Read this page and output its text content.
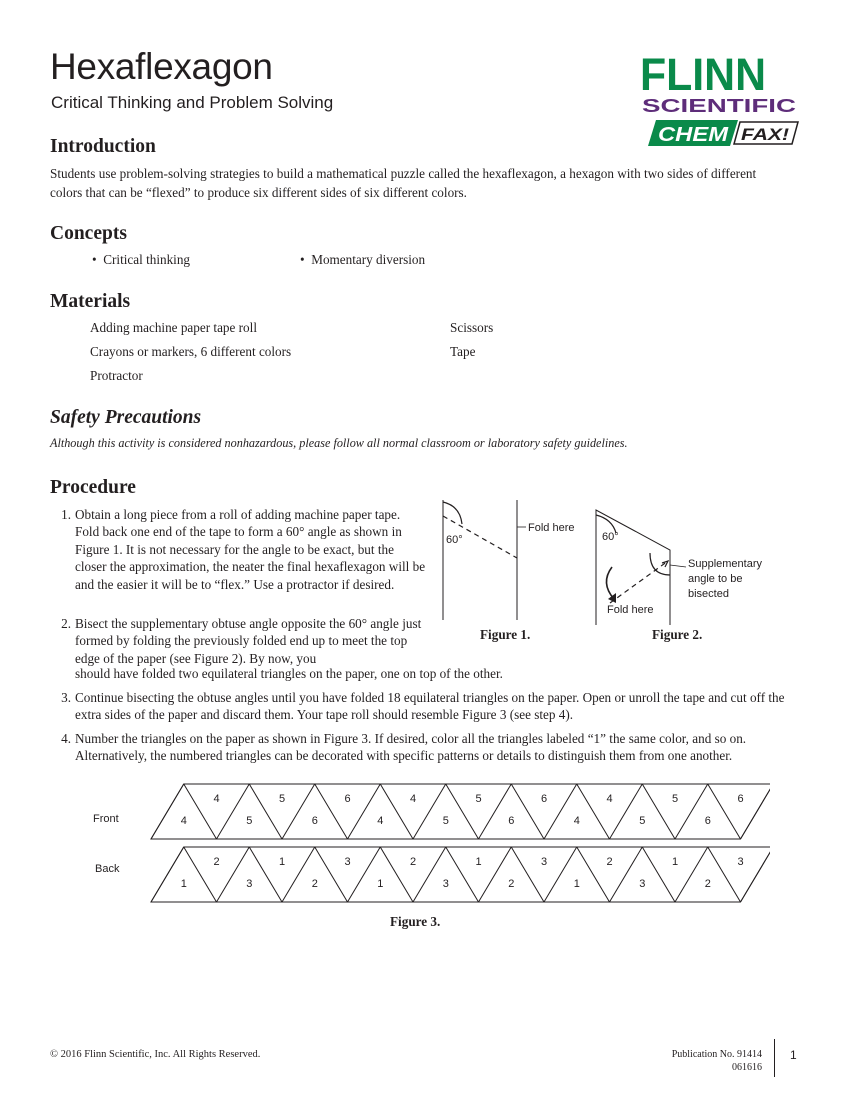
Hexaflexagon
Critical Thinking and Problem Solving
FLINN
SCIENTIFIC
CHEM FAX!
Introduction
Students use problem-solving strategies to build a mathematical puzzle called the hexaflexagon, a hexagon with two sides of different colors that can be “flexed” to produce six different sides of six different colors.
Concepts
•  Critical thinking	•  Momentary diversion
Materials
Adding machine paper tape roll
Crayons or markers, 6 different colors
Protractor
Scissors
Tape
Safety Precautions
Although this activity is considered nonhazardous, please follow all normal classroom or laboratory safety guidelines.
Procedure
1. Obtain a long piece from a roll of adding machine paper tape. Fold back one end of the tape to form a 60° angle as shown in Figure 1. It is not necessary for the angle to be exact, but the closer the approximation, the neater the final hexaflexagon will be and the easier it will be to “flex.” Use a protractor if desired.
2. Bisect the supplementary obtuse angle opposite the 60° angle just formed by folding the previously folded end up to meet the top edge of the paper (see Figure 2). By now, you
should have folded two equilateral triangles on the paper, one on top of the other.
3. Continue bisecting the obtuse angles until you have folded 18 equilateral triangles on the paper. Open or unroll the tape and cut off the extra sides of the paper and discard them. Your tape roll should resemble Figure 3 (see step 4).
4. Number the triangles on the paper as shown in Figure 3. If desired, color all the triangles labeled “1” the same color, and so on. Alternatively, the numbered triangles can be decorated with specific patterns or details to distinguish them from one another.
60°
Fold here
Figure 1.
60°
Fold here
Supplementary
angle to be
bisected
Figure 2.
Front
Back
4
4
5
5
6
6
4
4
5
5
6
6
4
4
5
5
6
6
1
2
3
1
2
3
1
2
3
1
2
3
1
2
3
1
2
3
Figure 3.
© 2016 Flinn Scientific, Inc. All Rights Reserved.	Publication No. 91414
061616
1
